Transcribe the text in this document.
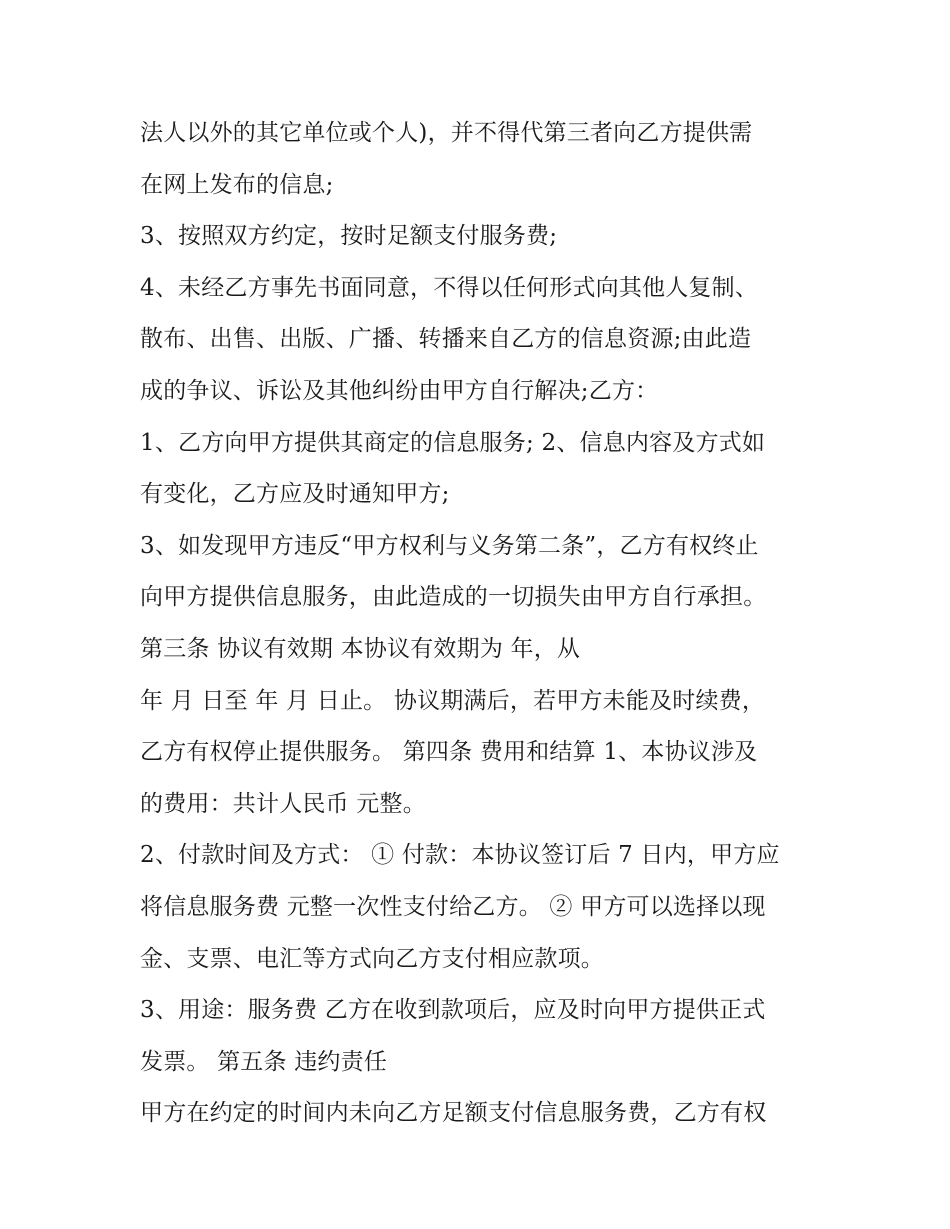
法人以外的其它单位或个人)，并不得代第三者向乙方提供需
在网上发布的信息;
3、按照双方约定，按时足额支付服务费;
4、未经乙方事先书面同意，不得以任何形式向其他人复制、
散布、出售、出版、广播、转播来自乙方的信息资源;由此造
成的争议、诉讼及其他纠纷由甲方自行解决;乙方：
1、乙方向甲方提供其商定的信息服务; 2、信息内容及方式如
有变化，乙方应及时通知甲方;
3、如发现甲方违反“甲方权利与义务第二条”，乙方有权终止
向甲方提供信息服务，由此造成的一切损失由甲方自行承担。
第三条 协议有效期 本协议有效期为 年，从
年 月 日至 年 月 日止。 协议期满后，若甲方未能及时续费，
乙方有权停止提供服务。 第四条 费用和结算 1、本协议涉及
的费用：共计人民币 元整。
2、付款时间及方式： ① 付款：本协议签订后 7 日内，甲方应
将信息服务费 元整一次性支付给乙方。 ② 甲方可以选择以现
金、支票、电汇等方式向乙方支付相应款项。
3、用途：服务费 乙方在收到款项后，应及时向甲方提供正式
发票。 第五条 违约责任
甲方在约定的时间内未向乙方足额支付信息服务费，乙方有权
